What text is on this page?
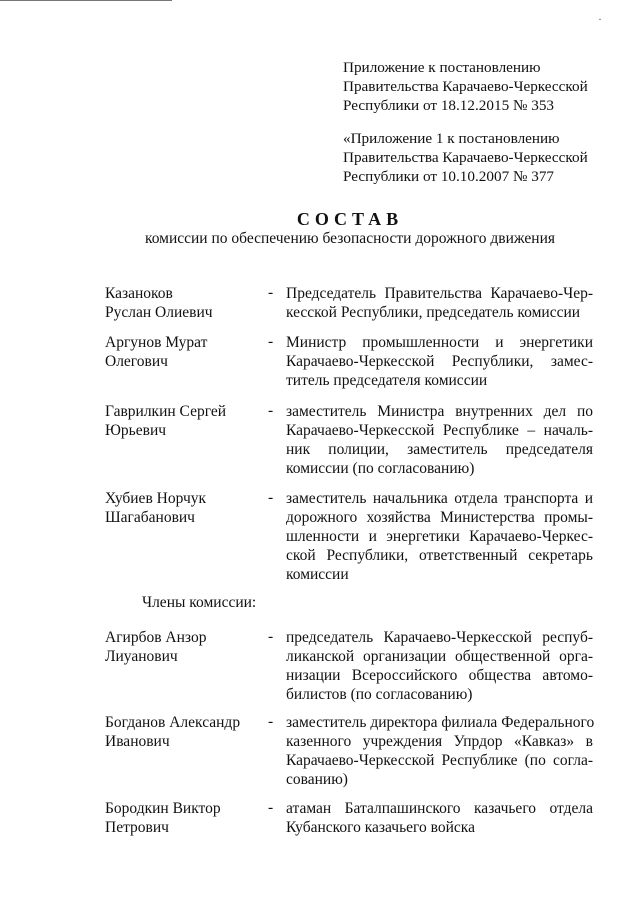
·
Приложение к постановлению
Правительства Карачаево-Черкесской
Республики от 18.12.2015 № 353
«Приложение 1 к постановлению
Правительства Карачаево-Черкесской
Республики от 10.10.2007 № 377
СОСТАВ
комиссии по обеспечению безопасности дорожного движения
Казаноков
Руслан Олиевич
- Председатель Правительства Карачаево-Чер-
кесской Республики, председатель комиссии
Аргунов Мурат
Олегович
- Министр промышленности и энергетики
Карачаево-Черкесской Республики, замес-
титель председателя комиссии
Гаврилкин Сергей
Юрьевич
- заместитель Министра внутренних дел по
Карачаево-Черкесской Республике – началь-
ник полиции, заместитель председателя
комиссии (по согласованию)
Хубиев Норчук
Шагабанович
- заместитель начальника отдела транспорта и
дорожного хозяйства Министерства промы-
шленности и энергетики Карачаево-Черкес-
ской Республики, ответственный секретарь
комиссии
Члены комиссии:
Агирбов Анзор
Лиуанович
- председатель Карачаево-Черкесской респуб-
ликанской организации общественной орга-
низации Всероссийского общества автомо-
билистов (по согласованию)
Богданов Александр
Иванович
- заместитель директора филиала Федерального
казенного учреждения Упрдор «Кавказ» в
Карачаево-Черкесской Республике (по согла-
сованию)
Бородкин Виктор
Петрович
- атаман Баталпашинского казачьего отдела
Кубанского казачьего войска
